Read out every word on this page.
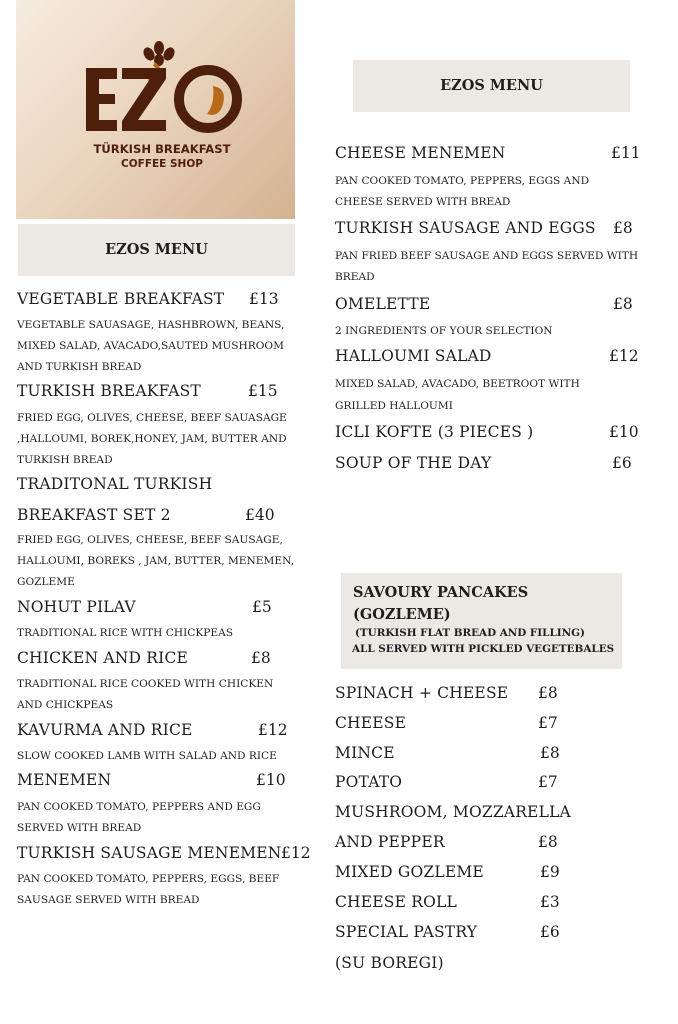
TÜRKISH BREAKFAST
COFFEE SHOP
EZOS MENU
EZOS MENU
VEGETABLE BREAKFAST £13
VEGETABLE SAUASAGE, HASHBROWN, BEANS,
MIXED SALAD, AVACADO,SAUTED MUSHROOM
AND TURKISH BREAD
TURKISH BREAKFAST	£15
FRIED EGG, OLIVES, CHEESE, BEEF SAUASAGE
,HALLOUMI, BOREK,HONEY, JAM, BUTTER AND
TURKISH BREAD
TRADITONAL TURKISH
BREAKFAST SET 2	£40
FRIED EGG, OLIVES, CHEESE, BEEF SAUSAGE,
HALLOUMI, BOREKS , JAM, BUTTER, MENEMEN,
GOZLEME
NOHUT PILAV	£5
TRADITIONAL RICE WITH CHICKPEAS
CHICKEN AND RICE	£8
TRADITIONAL RICE COOKED WITH CHICKEN
AND CHICKPEAS
KAVURMA AND RICE	£12
SLOW COOKED LAMB WITH SALAD AND RICE
MENEMEN	£10
PAN COOKED TOMATO, PEPPERS AND EGG
SERVED WITH BREAD
TURKISH SAUSAGE MENEMEN £12
PAN COOKED TOMATO, PEPPERS, EGGS, BEEF
SAUSAGE SERVED WITH BREAD
CHEESE MENEMEN	£11
PAN COOKED TOMATO, PEPPERS, EGGS AND
CHEESE SERVED WITH BREAD
TURKISH SAUSAGE AND EGGS £8
PAN FRIED BEEF SAUSAGE AND EGGS SERVED WITH
BREAD
OMELETTE	£8
2 INGREDIENTS OF YOUR SELECTION
HALLOUMI SALAD	£12
MIXED SALAD, AVACADO, BEETROOT WITH
GRILLED HALLOUMI
ICLI KOFTE (3 PIECES )	£10
SOUP OF THE DAY	£6
SAVOURY PANCAKES
(GOZLEME)
(TURKISH FLAT BREAD AND FILLING)
ALL SERVED WITH PICKLED VEGETEBALES
SPINACH + CHEESE £8
CHEESE	£7
MINCE	£8
POTATO	£7
MUSHROOM, MOZZARELLA
AND PEPPER	£8
MIXED GOZLEME	£9
CHEESE ROLL	£3
SPECIAL PASTRY	£6
(SU BOREGI)
